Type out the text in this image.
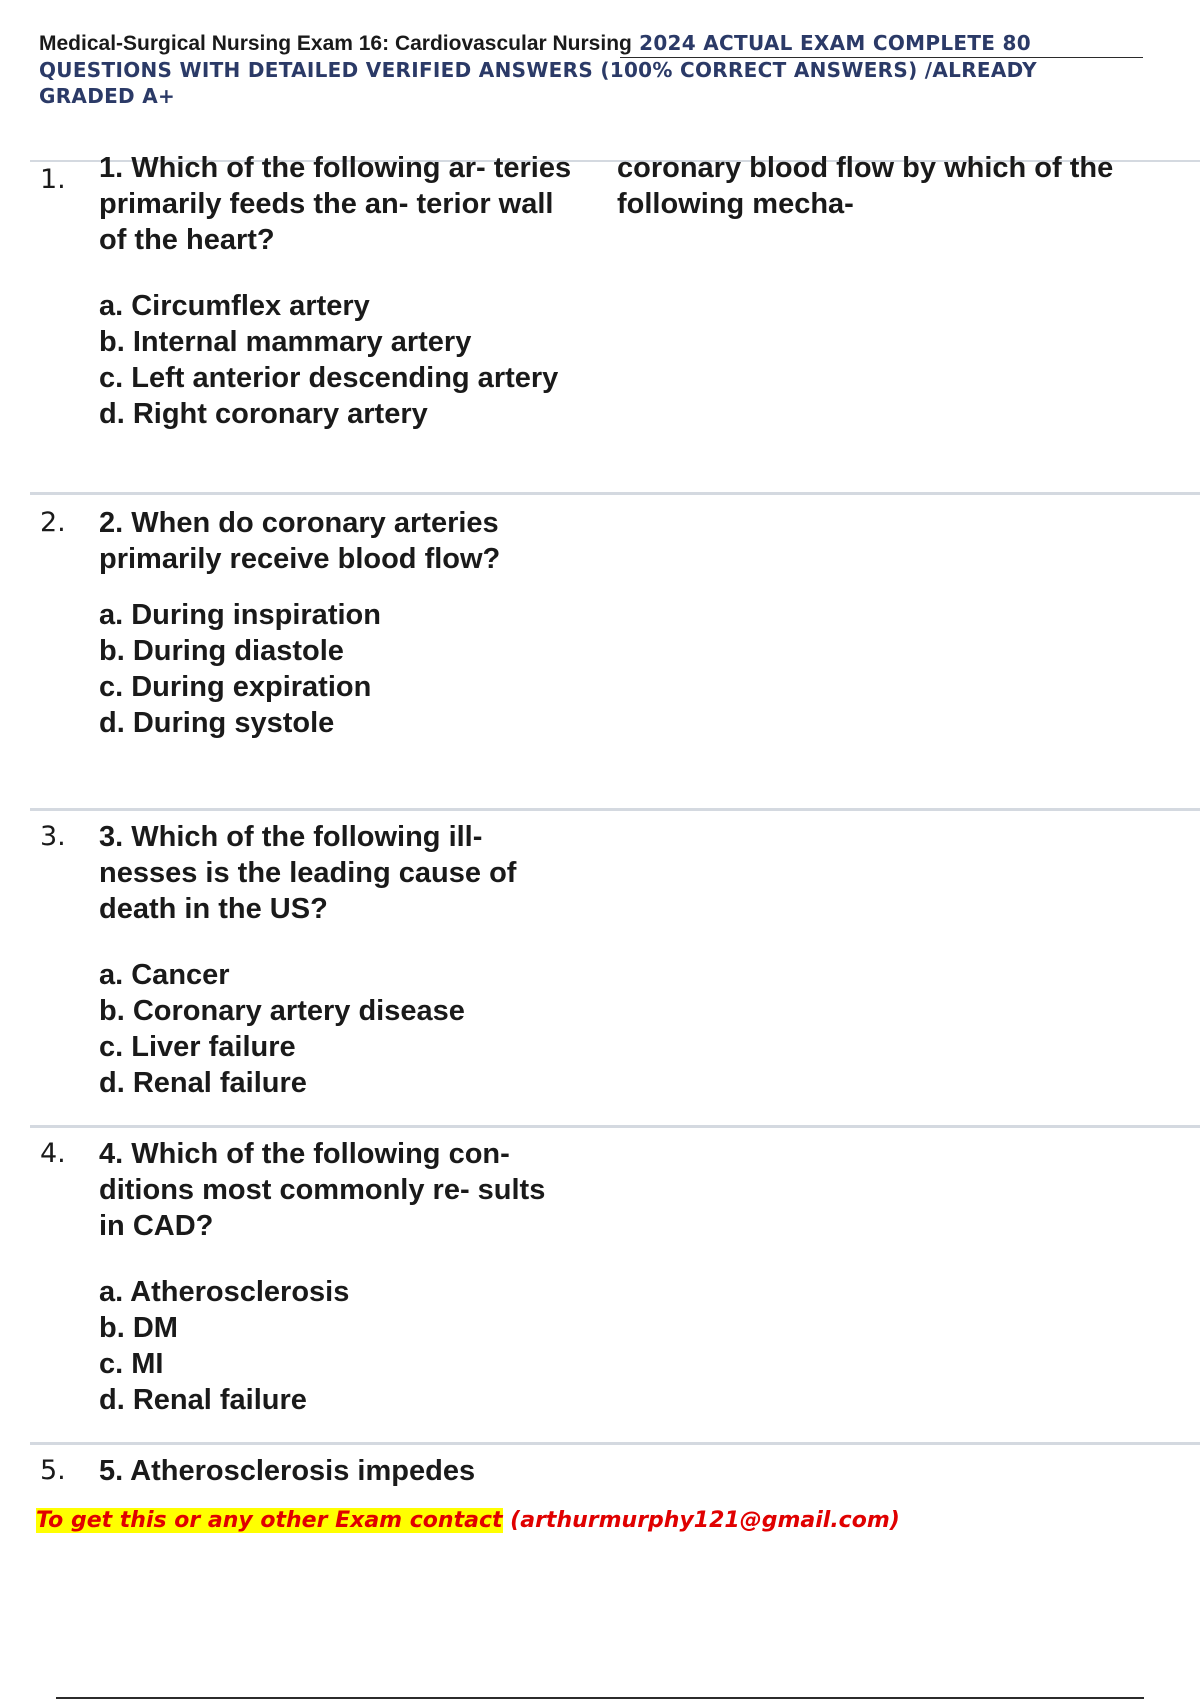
Medical-Surgical Nursing Exam 16: Cardiovascular Nursing 2024 ACTUAL EXAM COMPLETE 80
QUESTIONS WITH DETAILED VERIFIED ANSWERS (100% CORRECT ANSWERS) /ALREADY
GRADED A+
1. 1. Which of the following ar- teries primarily feeds the an- terior wall of the heart?
a. Circumflex artery
b. Internal mammary artery
c. Left anterior descending artery
d. Right coronary artery
coronary blood flow by which of the following mecha-
2. 2. When do coronary arteries primarily receive blood flow?
a. During inspiration
b. During diastole
c. During expiration
d. During systole
3. 3. Which of the following ill- nesses is the leading cause of death in the US?
a. Cancer
b. Coronary artery disease
c. Liver failure
d. Renal failure
4. 4. Which of the following con- ditions most commonly re- sults in CAD?
a. Atherosclerosis
b. DM
c. MI
d. Renal failure
5. 5. Atherosclerosis impedes
To get this or any other Exam contact (arthurmurphy121@gmail.com)
